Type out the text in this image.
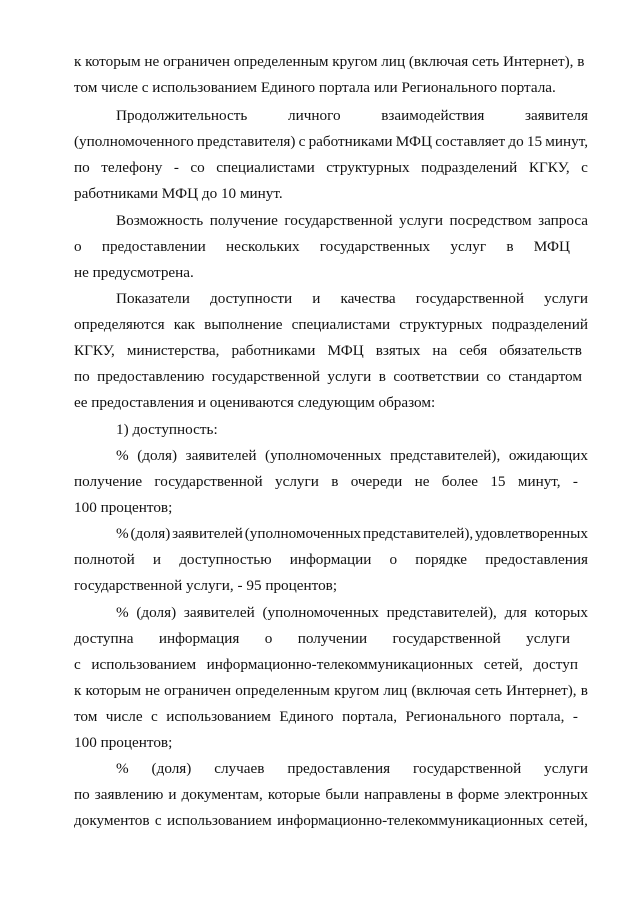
к которым не ограничен определенным кругом лиц (включая сеть Интернет), в
том числе с использованием Единого портала или Регионального портала.
Продолжительность	личного	взаимодействия	заявителя
(уполномоченного представителя) с работниками МФЦ составляет до 15 минут,
по телефону - со специалистами структурных подразделений КГКУ, с
работниками МФЦ до 10 минут.
Возможность получение государственной услуги посредством запроса
о предоставлении нескольких государственных услуг в МФЦ
не предусмотрена.
Показатели доступности и качества государственной услуги
определяются как выполнение специалистами структурных подразделений
КГКУ, министерства, работниками МФЦ взятых на себя обязательств
по предоставлению государственной услуги в соответствии со стандартом
ее предоставления и оцениваются следующим образом:
1) доступность:
% (доля) заявителей (уполномоченных представителей), ожидающих
получение государственной услуги в очереди не более 15 минут, -
100 процентов;
% (доля) заявителей (уполномоченных представителей), удовлетворенных
полнотой и доступностью информации о порядке предоставления
государственной услуги, - 95 процентов;
% (доля) заявителей (уполномоченных представителей), для которых
доступна информация о получении государственной услуги
с использованием информационно-телекоммуникационных сетей, доступ
к которым не ограничен определенным кругом лиц (включая сеть Интернет), в
том числе с использованием Единого портала, Регионального портала, -
100 процентов;
% (доля) случаев предоставления государственной услуги
по заявлению и документам, которые были направлены в форме электронных
документов с использованием информационно-телекоммуникационных сетей,
